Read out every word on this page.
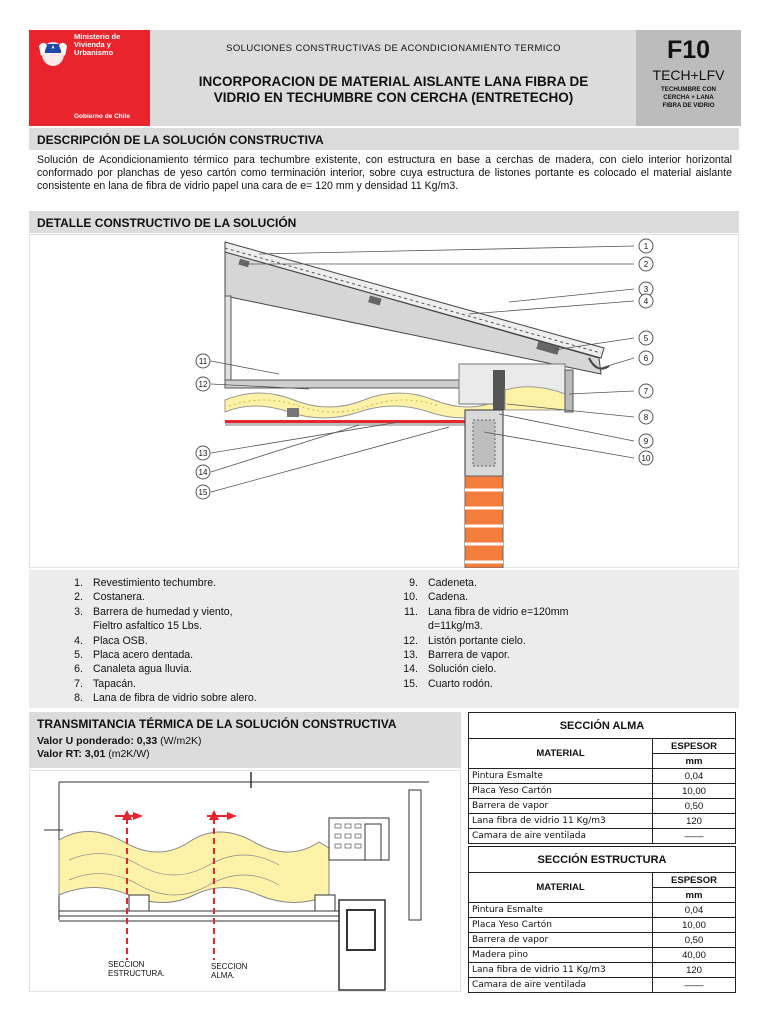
Ministerio de
Vivienda y
Urbanismo
Gobierno de Chile
SOLUCIONES CONSTRUCTIVAS DE ACONDICIONAMIENTO TERMICO
INCORPORACION DE MATERIAL AISLANTE LANA FIBRA DE
VIDRIO EN TECHUMBRE CON CERCHA (ENTRETECHO)
F10
TECH+LFV
TECHUMBRE CON
CERCHA + LANA
FIBRA DE VIDRIO
DESCRIPCIÓN DE LA SOLUCIÓN CONSTRUCTIVA
Solución de Acondicionamiento térmico para techumbre existente, con estructura en base a cerchas de madera, con cielo interior horizontal conformado por planchas de yeso cartón como terminación interior, sobre cuya estructura de listones portante es colocado el material aislante consistente en lana de fibra de vidrio papel una cara de e= 120 mm y densidad 11 Kg/m3.
DETALLE CONSTRUCTIVO DE LA SOLUCIÓN
1
2
3
4
5
6
7
8
9
10
11
12
13
14
15
1. Revestimiento techumbre.
2. Costanera.
3. Barrera de humedad y viento,
Fieltro asfaltico 15 Lbs.
4. Placa OSB.
5. Placa acero dentada.
6. Canaleta agua lluvia.
7. Tapacán.
8. Lana de fibra de vidrio sobre alero.
9. Cadeneta.
10. Cadena.
11. Lana fibra de vidrio e=120mm
d=11kg/m3.
12. Listón portante cielo.
13. Barrera de vapor.
14. Solución cielo.
15. Cuarto rodón.
TRANSMITANCIA TÉRMICA DE LA SOLUCIÓN CONSTRUCTIVA
Valor U ponderado: 0,33 (W/m2K)
Valor RT: 3,01 (m2K/W)
SECCION
ESTRUCTURA.
SECCION
ALMA.
SECCIÓN ALMA	
MATERIAL	ESPESOR
	mm
Pintura Esmalte	0,04
Placa Yeso Cartón	10,00
Barrera de vapor	0,50
Lana fibra de vidrio 11 Kg/m3	120
Camara de aire ventilada	——
SECCIÓN ESTRUCTURA	
MATERIAL	ESPESOR
	mm
Pintura Esmalte	0,04
Placa Yeso Cartón	10,00
Barrera de vapor	0,50
Madera pino	40,00
Lana fibra de vidrio 11 Kg/m3	120
Camara de aire ventilada	——
